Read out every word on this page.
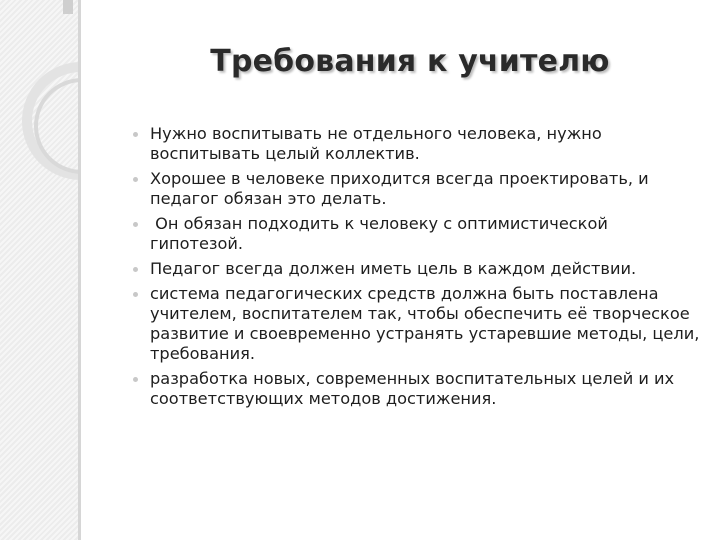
Требования к учителю
Нужно воспитывать не отдельного человека, нужно воспитывать целый коллектив.
Хорошее в человеке приходится всегда проектировать, и педагог обязан это делать.
Он обязан подходить к человеку с оптимистической гипотезой.
Педагог всегда должен иметь цель в каждом действии.
система педагогических средств должна быть поставлена учителем, воспитателем так, чтобы обеспечить её творческое развитие и своевременно устранять устаревшие методы, цели, требования.
разработка новых, современных воспитательных целей и их соответствующих методов достижения.
